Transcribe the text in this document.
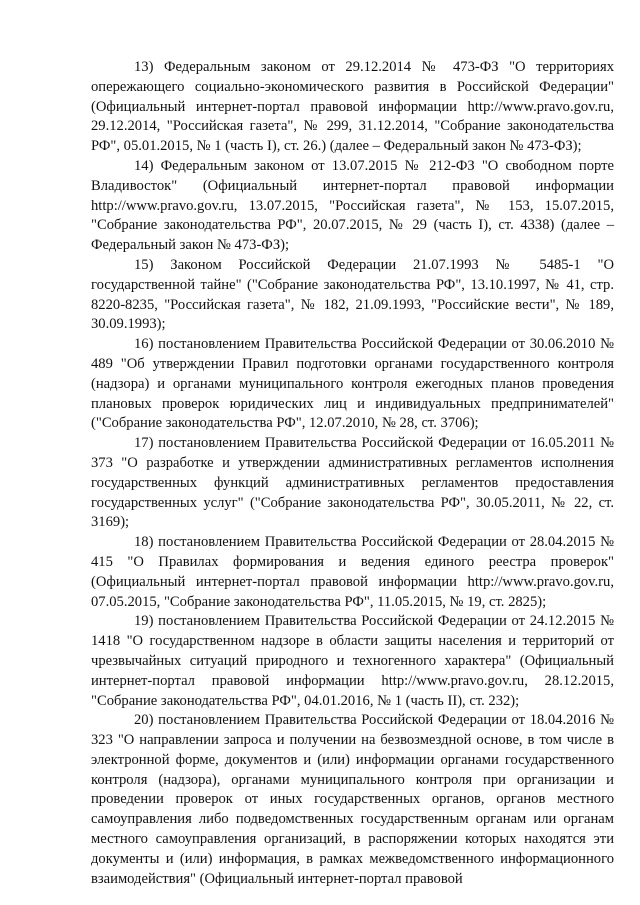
13) Федеральным законом от 29.12.2014 № 473-ФЗ "О территориях опережающего социально-экономического развития в Российской Федерации" (Официальный интернет-портал правовой информации http://www.pravo.gov.ru, 29.12.2014, "Российская газета", № 299, 31.12.2014, "Собрание законодательства РФ", 05.01.2015, № 1 (часть I), ст. 26.) (далее – Федеральный закон № 473-ФЗ);

14) Федеральным законом от 13.07.2015 № 212-ФЗ "О свободном порте Владивосток" (Официальный интернет-портал правовой информации http://www.pravo.gov.ru, 13.07.2015, "Российская газета", № 153, 15.07.2015, "Собрание законодательства РФ", 20.07.2015, № 29 (часть I), ст. 4338) (далее – Федеральный закон № 473-ФЗ);

15) Законом Российской Федерации 21.07.1993 № 5485-1 "О государственной тайне" ("Собрание законодательства РФ", 13.10.1997, № 41, стр. 8220-8235, "Российская газета", № 182, 21.09.1993, "Российские вести", № 189, 30.09.1993);

16) постановлением Правительства Российской Федерации от 30.06.2010 № 489 "Об утверждении Правил подготовки органами государственного контроля (надзора) и органами муниципального контроля ежегодных планов проведения плановых проверок юридических лиц и индивидуальных предпринимателей" ("Собрание законодательства РФ", 12.07.2010, № 28, ст. 3706);

17) постановлением Правительства Российской Федерации от 16.05.2011 № 373 "О разработке и утверждении административных регламентов исполнения государственных функций административных регламентов предоставления государственных услуг" ("Собрание законодательства РФ", 30.05.2011, № 22, ст. 3169);

18) постановлением Правительства Российской Федерации от 28.04.2015 № 415 "О Правилах формирования и ведения единого реестра проверок" (Официальный интернет-портал правовой информации http://www.pravo.gov.ru, 07.05.2015, "Собрание законодательства РФ", 11.05.2015, № 19, ст. 2825);

19) постановлением Правительства Российской Федерации от 24.12.2015 № 1418 "О государственном надзоре в области защиты населения и территорий от чрезвычайных ситуаций природного и техногенного характера" (Официальный интернет-портал правовой информации http://www.pravo.gov.ru, 28.12.2015, "Собрание законодательства РФ", 04.01.2016, № 1 (часть II), ст. 232);

20) постановлением Правительства Российской Федерации от 18.04.2016 № 323 "О направлении запроса и получении на безвозмездной основе, в том числе в электронной форме, документов и (или) информации органами государственного контроля (надзора), органами муниципального контроля при организации и проведении проверок от иных государственных органов, органов местного самоуправления либо подведомственных государственным органам или органам местного самоуправления организаций, в распоряжении которых находятся эти документы и (или) информация, в рамках межведомственного информационного взаимодействия" (Официальный интернет-портал правовой
